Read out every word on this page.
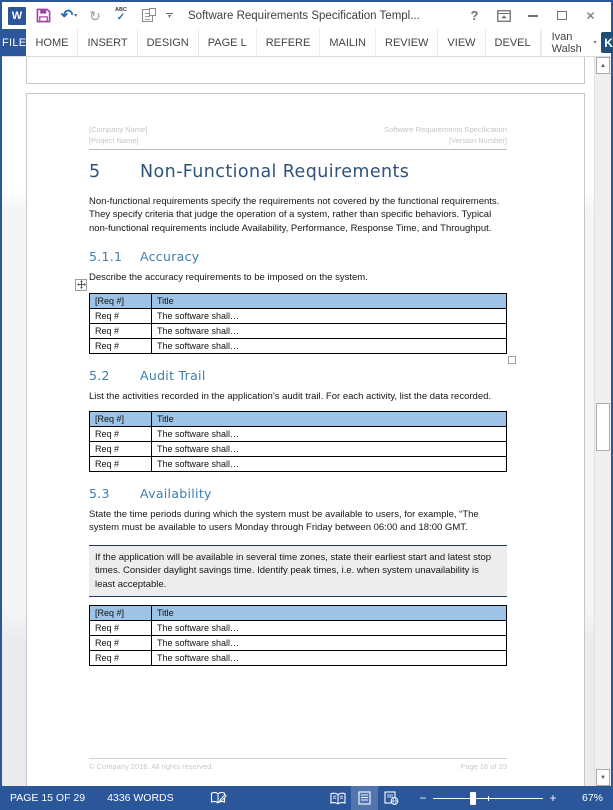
W	↶ ▾ ↻	ABC
✓	▾ Software Requirements Specification Templ...	?	✕
FILE HOME	INSERT	DESIGN	PAGE L	REFERE	MAILIN	REVIEW	VIEW	DEVEL	Ivan Walsh	▾ K
[Company Name]
[Project Name]
Software Requirements Specification
[Version Number]
5	Non-Functional Requirements

Non-functional requirements specify the requirements not covered by the functional requirements. They specify criteria that judge the operation of a system, rather than specific behaviors. Typical non-functional requirements include Availability, Performance, Response Time, and Throughput.

5.1.1	Accuracy

Describe the accuracy requirements to be imposed on the system.

[Req #]	Title
Req #	The software shall…
Req #	The software shall…
Req #	The software shall…
5.2	Audit Trail

List the activities recorded in the application’s audit trail. For each activity, list the data recorded.

[Req #]	Title
Req #	The software shall…
Req #	The software shall…
Req #	The software shall…
5.3	Availability

State the time periods during which the system must be available to users, for example, “The system must be available to users Monday through Friday between 06:00 and 18:00 GMT.

If the application will be available in several time zones, state their earliest start and latest stop times. Consider daylight savings time. Identify peak times, i.e. when system unavailability is least acceptable.
[Req #]	Title
Req #	The software shall…
Req #	The software shall…
Req #	The software shall…
© Company 2016. All rights reserved.	Page 16 of 29
▲
▼
PAGE 15 OF 29 4336 WORDS	−	+	67%
